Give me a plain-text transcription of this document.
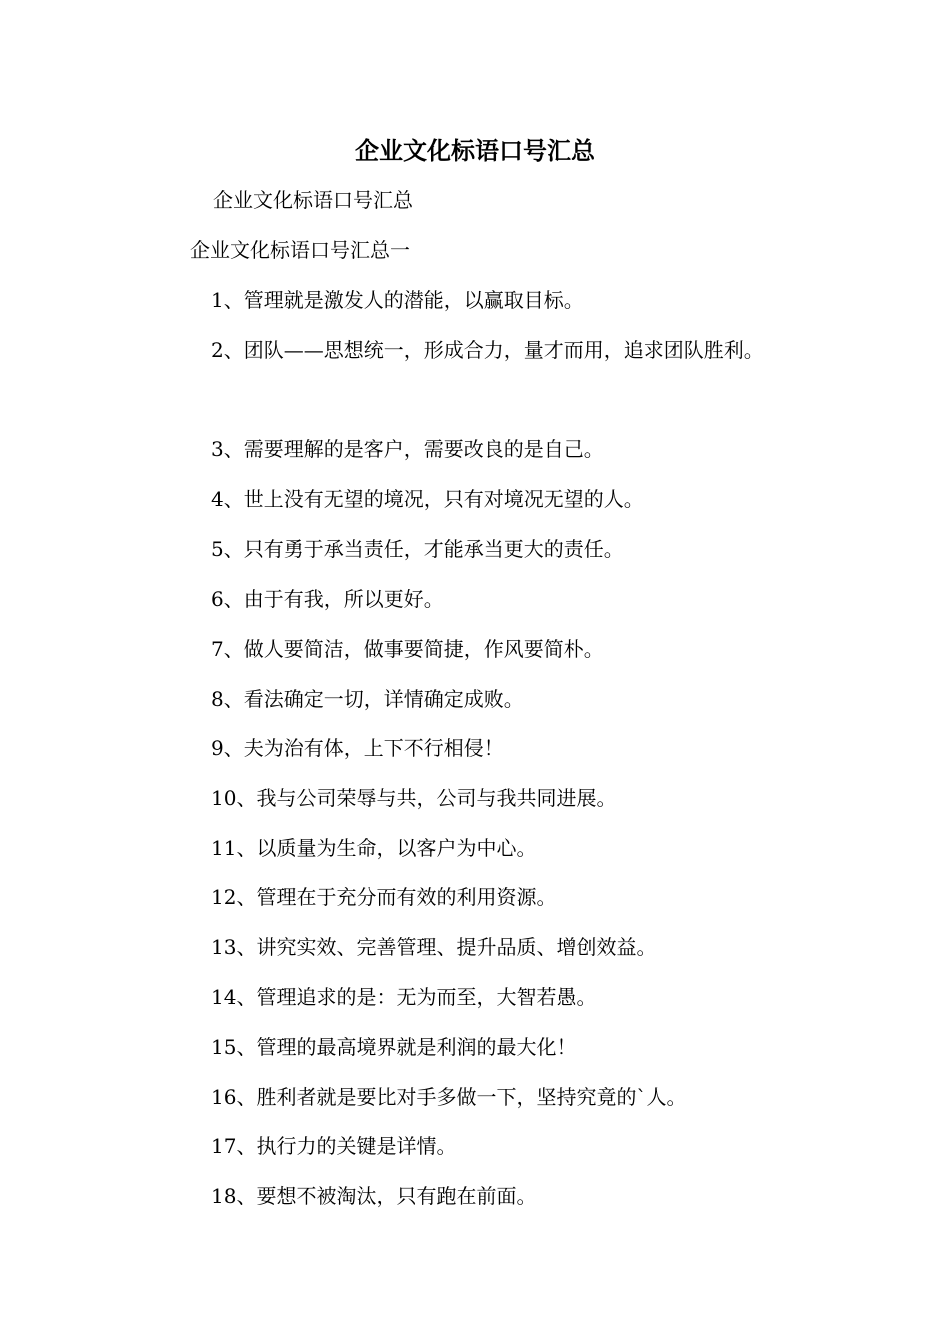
企业文化标语口号汇总
企业文化标语口号汇总
企业文化标语口号汇总一
1、管理就是激发人的潜能，以赢取目标。
2、团队——思想统一，形成合力，量才而用，追求团队胜利。
3、需要理解的是客户，需要改良的是自己。
4、世上没有无望的境况，只有对境况无望的人。
5、只有勇于承当责任，才能承当更大的责任。
6、由于有我，所以更好。
7、做人要简洁，做事要简捷，作风要简朴。
8、看法确定一切，详情确定成败。
9、夫为治有体，上下不行相侵！
10、我与公司荣辱与共，公司与我共同进展。
11、以质量为生命，以客户为中心。
12、管理在于充分而有效的利用资源。
13、讲究实效、完善管理、提升品质、增创效益。
14、管理追求的是：无为而至，大智若愚。
15、管理的最高境界就是利润的最大化！
16、胜利者就是要比对手多做一下，坚持究竟的`人。
17、执行力的关键是详情。
18、要想不被淘汰，只有跑在前面。
